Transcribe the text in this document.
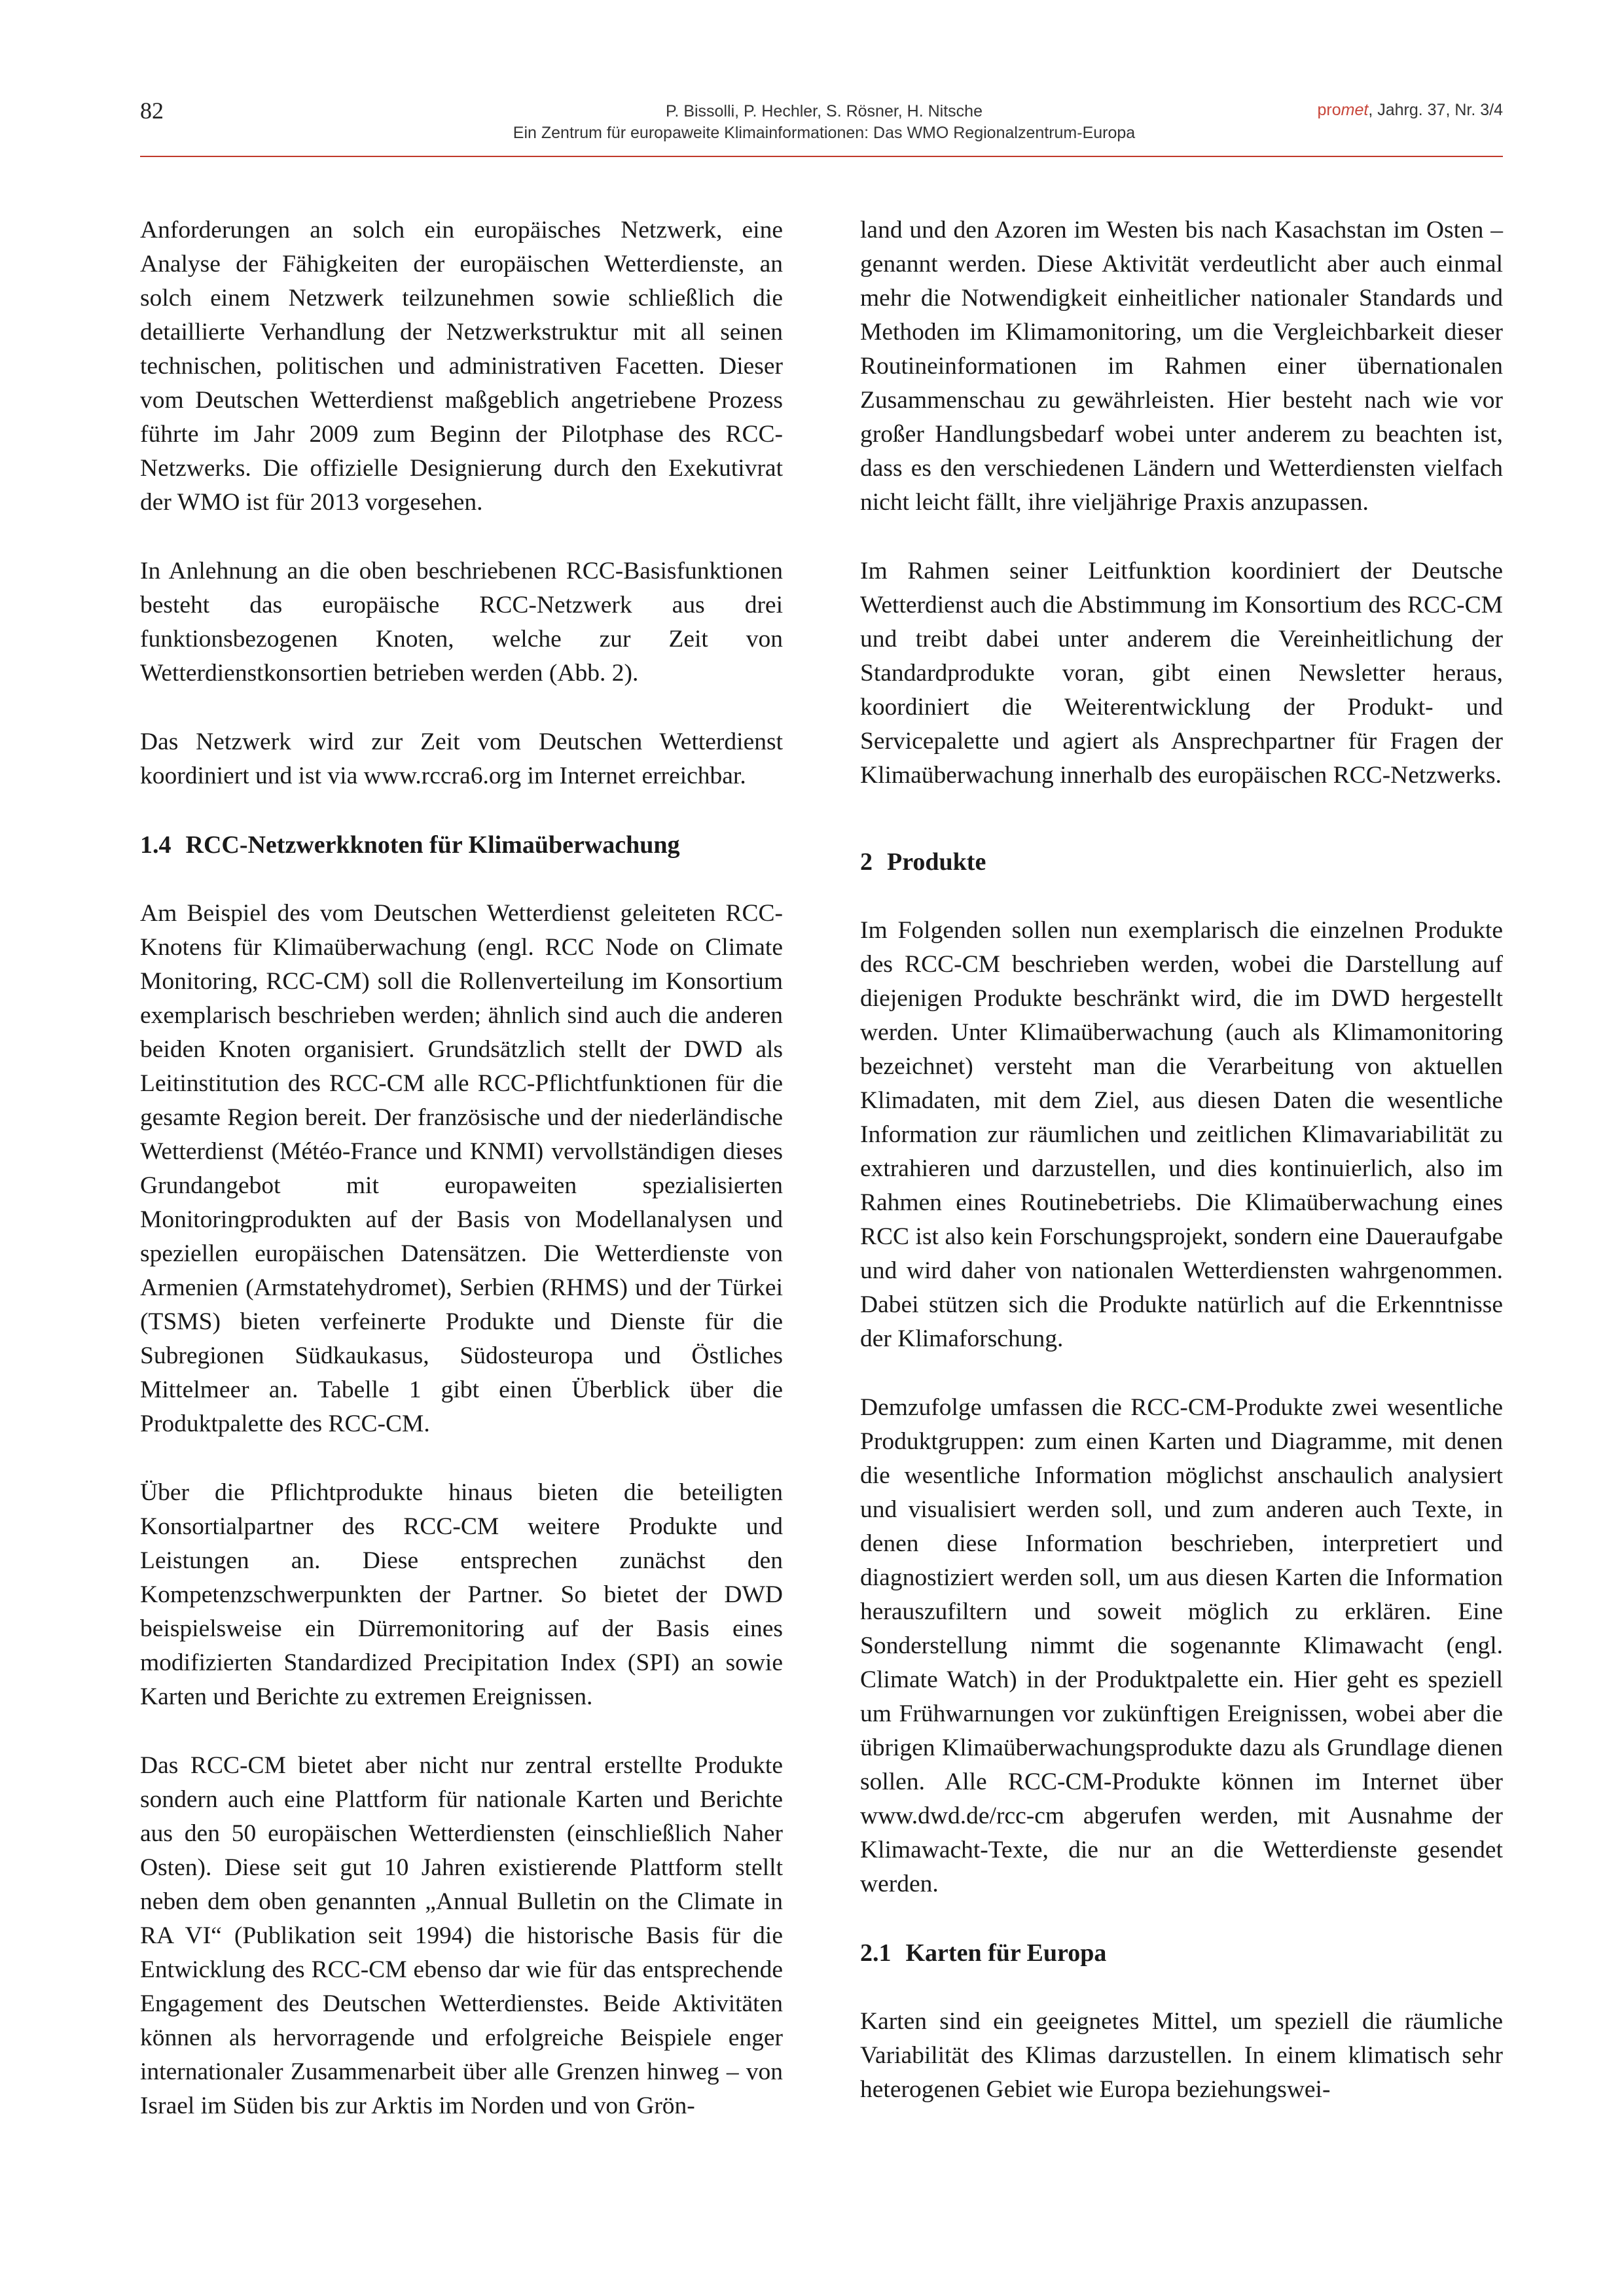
82	P. Bissolli, P. Hechler, S. Rösner, H. Nitsche
Ein Zentrum für europaweite Klimainformationen: Das WMO Regionalzentrum-Europa
promet, Jahrg. 37, Nr. 3/4

Anforderungen an solch ein europäisches Netzwerk, eine Analyse der Fähigkeiten der europäischen Wetterdienste, an solch einem Netzwerk teilzunehmen sowie schließlich die detaillierte Verhandlung der Netzwerkstruktur mit all seinen technischen, politischen und administrativen Facetten. Dieser vom Deutschen Wetterdienst maßgeblich angetriebene Prozess führte im Jahr 2009 zum Beginn der Pilotphase des RCC-Netzwerks. Die offizielle Designierung durch den Exekutivrat der WMO ist für 2013 vorgesehen.

In Anlehnung an die oben beschriebenen RCC-Basisfunktionen besteht das europäische RCC-Netzwerk aus drei funktionsbezogenen Knoten, welche zur Zeit von Wetterdienstkonsortien betrieben werden (Abb. 2).

Das Netzwerk wird zur Zeit vom Deutschen Wetterdienst koordiniert und ist via www.rccra6.org im Internet erreichbar.

1.4 RCC-Netzwerkknoten für Klimaüberwachung

Am Beispiel des vom Deutschen Wetterdienst geleiteten RCC-Knotens für Klimaüberwachung (engl. RCC Node on Climate Monitoring, RCC-CM) soll die Rollenverteilung im Konsortium exemplarisch beschrieben werden; ähnlich sind auch die anderen beiden Knoten organisiert. Grundsätzlich stellt der DWD als Leitinstitution des RCC-CM alle RCC-Pflichtfunktionen für die gesamte Region bereit. Der französische und der niederländische Wetterdienst (Météo-France und KNMI) vervollständigen dieses Grundangebot mit europaweiten spezialisierten Monitoringprodukten auf der Basis von Modellanalysen und speziellen europäischen Datensätzen. Die Wetterdienste von Armenien (Armstatehydromet), Serbien (RHMS) und der Türkei (TSMS) bieten verfeinerte Produkte und Dienste für die Subregionen Südkaukasus, Südosteuropa und Östliches Mittelmeer an. Tabelle 1 gibt einen Überblick über die Produktpalette des RCC-CM.

Über die Pflichtprodukte hinaus bieten die beteiligten Konsortialpartner des RCC-CM weitere Produkte und Leistungen an. Diese entsprechen zunächst den Kompetenzschwerpunkten der Partner. So bietet der DWD beispielsweise ein Dürremonitoring auf der Basis eines modifizierten Standardized Precipitation Index (SPI) an sowie Karten und Berichte zu extremen Ereignissen.

Das RCC-CM bietet aber nicht nur zentral erstellte Produkte sondern auch eine Plattform für nationale Karten und Berichte aus den 50 europäischen Wetterdiensten (einschließlich Naher Osten). Diese seit gut 10 Jahren existierende Plattform stellt neben dem oben genannten „Annual Bulletin on the Climate in RA VI“ (Publikation seit 1994) die historische Basis für die Entwicklung des RCC-CM ebenso dar wie für das entsprechende Engagement des Deutschen Wetterdienstes. Beide Aktivitäten können als hervorragende und erfolgreiche Beispiele enger internationaler Zusammenarbeit über alle Grenzen hinweg – von Israel im Süden bis zur Arktis im Norden und von Grön-

land und den Azoren im Westen bis nach Kasachstan im Osten – genannt werden. Diese Aktivität verdeutlicht aber auch einmal mehr die Notwendigkeit einheitlicher nationaler Standards und Methoden im Klimamonitoring, um die Vergleichbarkeit dieser Routineinformationen im Rahmen einer übernationalen Zusammenschau zu gewährleisten. Hier besteht nach wie vor großer Handlungsbedarf wobei unter anderem zu beachten ist, dass es den verschiedenen Ländern und Wetterdiensten vielfach nicht leicht fällt, ihre vieljährige Praxis anzupassen.

Im Rahmen seiner Leitfunktion koordiniert der Deutsche Wetterdienst auch die Abstimmung im Konsortium des RCC-CM und treibt dabei unter anderem die Vereinheitlichung der Standardprodukte voran, gibt einen Newsletter heraus, koordiniert die Weiterentwicklung der Produkt- und Servicepalette und agiert als Ansprechpartner für Fragen der Klimaüberwachung innerhalb des europäischen RCC-Netzwerks.

2 Produkte

Im Folgenden sollen nun exemplarisch die einzelnen Produkte des RCC-CM beschrieben werden, wobei die Darstellung auf diejenigen Produkte beschränkt wird, die im DWD hergestellt werden. Unter Klimaüberwachung (auch als Klimamonitoring bezeichnet) versteht man die Verarbeitung von aktuellen Klimadaten, mit dem Ziel, aus diesen Daten die wesentliche Information zur räumlichen und zeitlichen Klimavariabilität zu extrahieren und darzustellen, und dies kontinuierlich, also im Rahmen eines Routinebetriebs. Die Klimaüberwachung eines RCC ist also kein Forschungsprojekt, sondern eine Daueraufgabe und wird daher von nationalen Wetterdiensten wahrgenommen. Dabei stützen sich die Produkte natürlich auf die Erkenntnisse der Klimaforschung.

Demzufolge umfassen die RCC-CM-Produkte zwei wesentliche Produktgruppen: zum einen Karten und Diagramme, mit denen die wesentliche Information möglichst anschaulich analysiert und visualisiert werden soll, und zum anderen auch Texte, in denen diese Information beschrieben, interpretiert und diagnostiziert werden soll, um aus diesen Karten die Information herauszufiltern und soweit möglich zu erklären. Eine Sonderstellung nimmt die sogenannte Klimawacht (engl. Climate Watch) in der Produktpalette ein. Hier geht es speziell um Frühwarnungen vor zukünftigen Ereignissen, wobei aber die übrigen Klimaüberwachungsprodukte dazu als Grundlage dienen sollen. Alle RCC-CM-Produkte können im Internet über www.dwd.de/rcc-cm abgerufen werden, mit Ausnahme der Klimawacht-Texte, die nur an die Wetterdienste gesendet werden.

2.1 Karten für Europa

Karten sind ein geeignetes Mittel, um speziell die räumliche Variabilität des Klimas darzustellen. In einem klimatisch sehr heterogenen Gebiet wie Europa beziehungswei-
